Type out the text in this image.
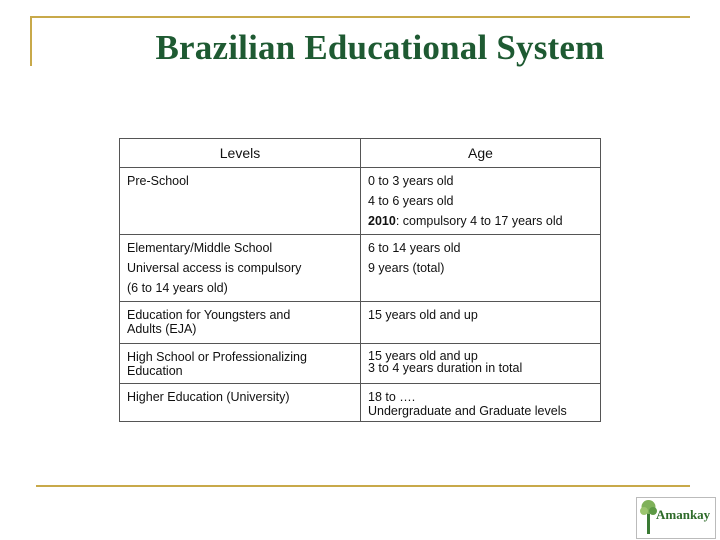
Brazilian Educational System
Levels	Age

Pre-School	0 to 3 years old
4 to 6 years old
2010: compulsory 4 to 17 years old

Elementary/Middle School
Universal access is compulsory
(6 to 14 years old)	6 to 14 years old
9 years (total)

Education for Youngsters and
Adults (EJA)	15 years old and up

High School or Professionalizing
Education	15 years old and up
3 to 4 years duration in total

Higher Education (University)	18 to ….
Undergraduate and Graduate levels
Amankay
